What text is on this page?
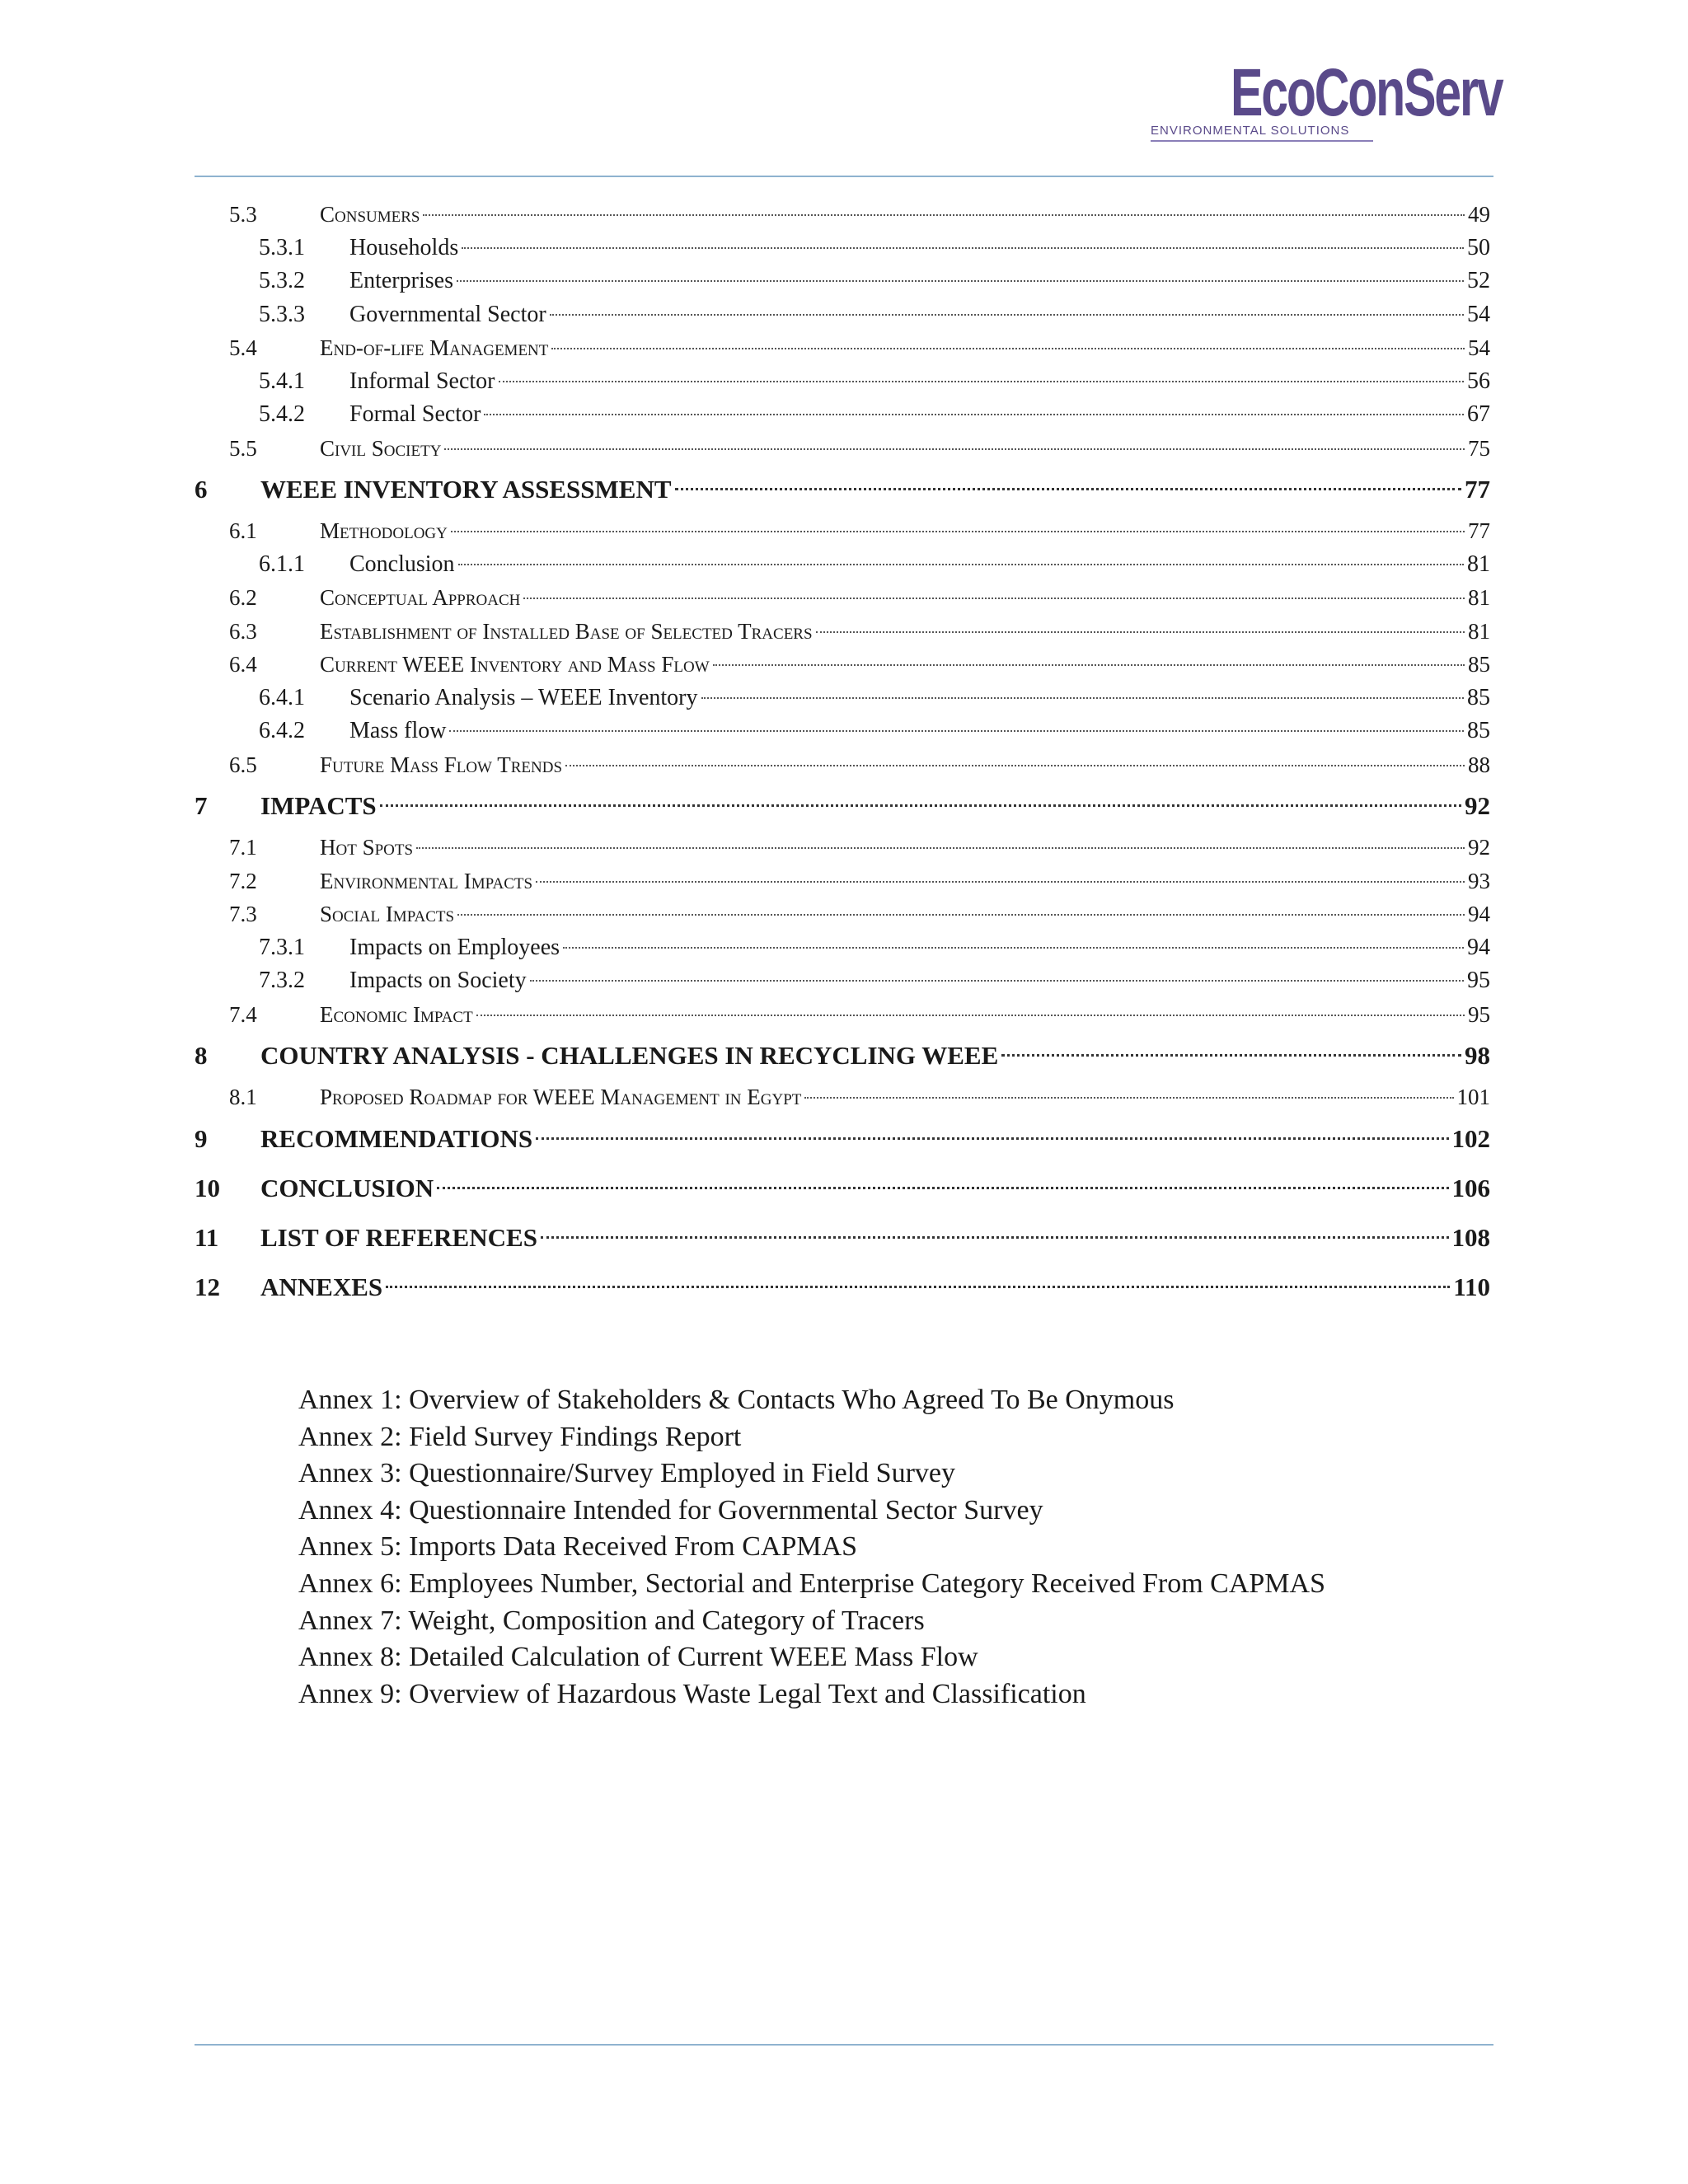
EcoConServ
ENVIRONMENTAL SOLUTIONS
5.3	Consumers	49
5.3.1	Households	50
5.3.2	Enterprises	52
5.3.3	Governmental Sector	54
5.4	End-of-life Management	54
5.4.1	Informal Sector	56
5.4.2	Formal Sector	67
5.5	Civil Society	75
6	WEEE INVENTORY ASSESSMENT	77
6.1	Methodology	77
6.1.1	Conclusion	81
6.2	Conceptual Approach	81
6.3	Establishment of Installed Base of Selected Tracers	81
6.4	Current WEEE Inventory and Mass Flow	85
6.4.1	Scenario Analysis – WEEE Inventory	85
6.4.2	Mass flow	85
6.5	Future Mass Flow Trends	88
7	IMPACTS	92
7.1	Hot Spots	92
7.2	Environmental Impacts	93
7.3	Social Impacts	94
7.3.1	Impacts on Employees	94
7.3.2	Impacts on Society	95
7.4	Economic Impact	95
8	COUNTRY ANALYSIS - CHALLENGES IN RECYCLING WEEE	98
8.1	Proposed Roadmap for WEEE Management in Egypt	101
9	RECOMMENDATIONS	102
10	CONCLUSION	106
11	LIST OF REFERENCES	108
12	ANNEXES	110
Annex 1: Overview of Stakeholders & Contacts Who Agreed To Be Onymous
Annex 2: Field Survey Findings Report
Annex 3: Questionnaire/Survey Employed in Field Survey
Annex 4: Questionnaire Intended for Governmental Sector Survey
Annex 5: Imports Data Received From CAPMAS
Annex 6: Employees Number, Sectorial and Enterprise Category Received From CAPMAS
Annex 7: Weight, Composition and Category of Tracers
Annex 8: Detailed Calculation of Current WEEE Mass Flow
Annex 9: Overview of Hazardous Waste Legal Text and Classification
